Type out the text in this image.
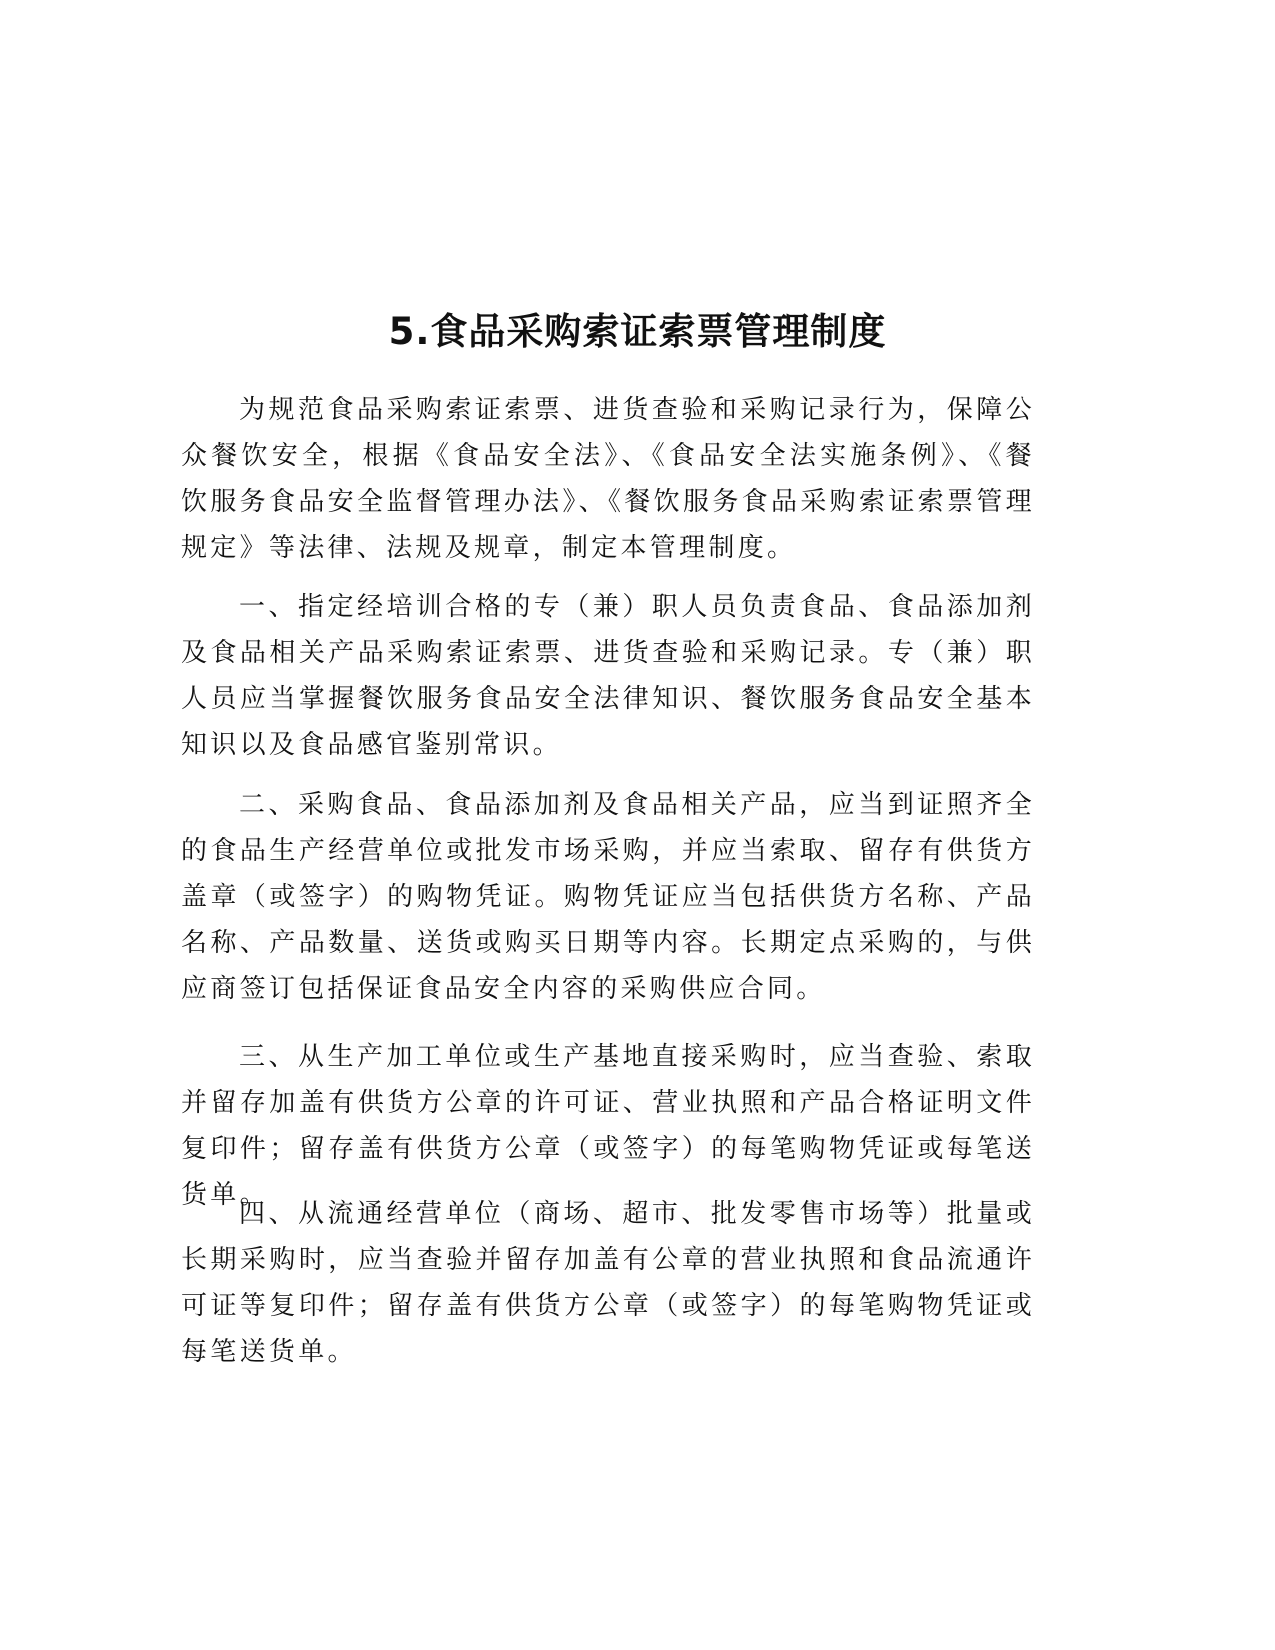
5.食品采购索证索票管理制度

为规范食品采购索证索票、进货查验和采购记录行为，保障公众餐饮安全，根据《食品安全法》、《食品安全法实施条例》、《餐饮服务食品安全监督管理办法》、《餐饮服务食品采购索证索票管理规定》等法律、法规及规章，制定本管理制度。

一、指定经培训合格的专（兼）职人员负责食品、食品添加剂及食品相关产品采购索证索票、进货查验和采购记录。专（兼）职人员应当掌握餐饮服务食品安全法律知识、餐饮服务食品安全基本知识以及食品感官鉴别常识。

二、采购食品、食品添加剂及食品相关产品，应当到证照齐全的食品生产经营单位或批发市场采购，并应当索取、留存有供货方盖章（或签字）的购物凭证。购物凭证应当包括供货方名称、产品名称、产品数量、送货或购买日期等内容。长期定点采购的，与供应商签订包括保证食品安全内容的采购供应合同。

三、从生产加工单位或生产基地直接采购时，应当查验、索取并留存加盖有供货方公章的许可证、营业执照和产品合格证明文件复印件；留存盖有供货方公章（或签字）的每笔购物凭证或每笔送货单。

四、从流通经营单位（商场、超市、批发零售市场等）批量或长期采购时，应当查验并留存加盖有公章的营业执照和食品流通许可证等复印件；留存盖有供货方公章（或签字）的每笔购物凭证或每笔送货单。
